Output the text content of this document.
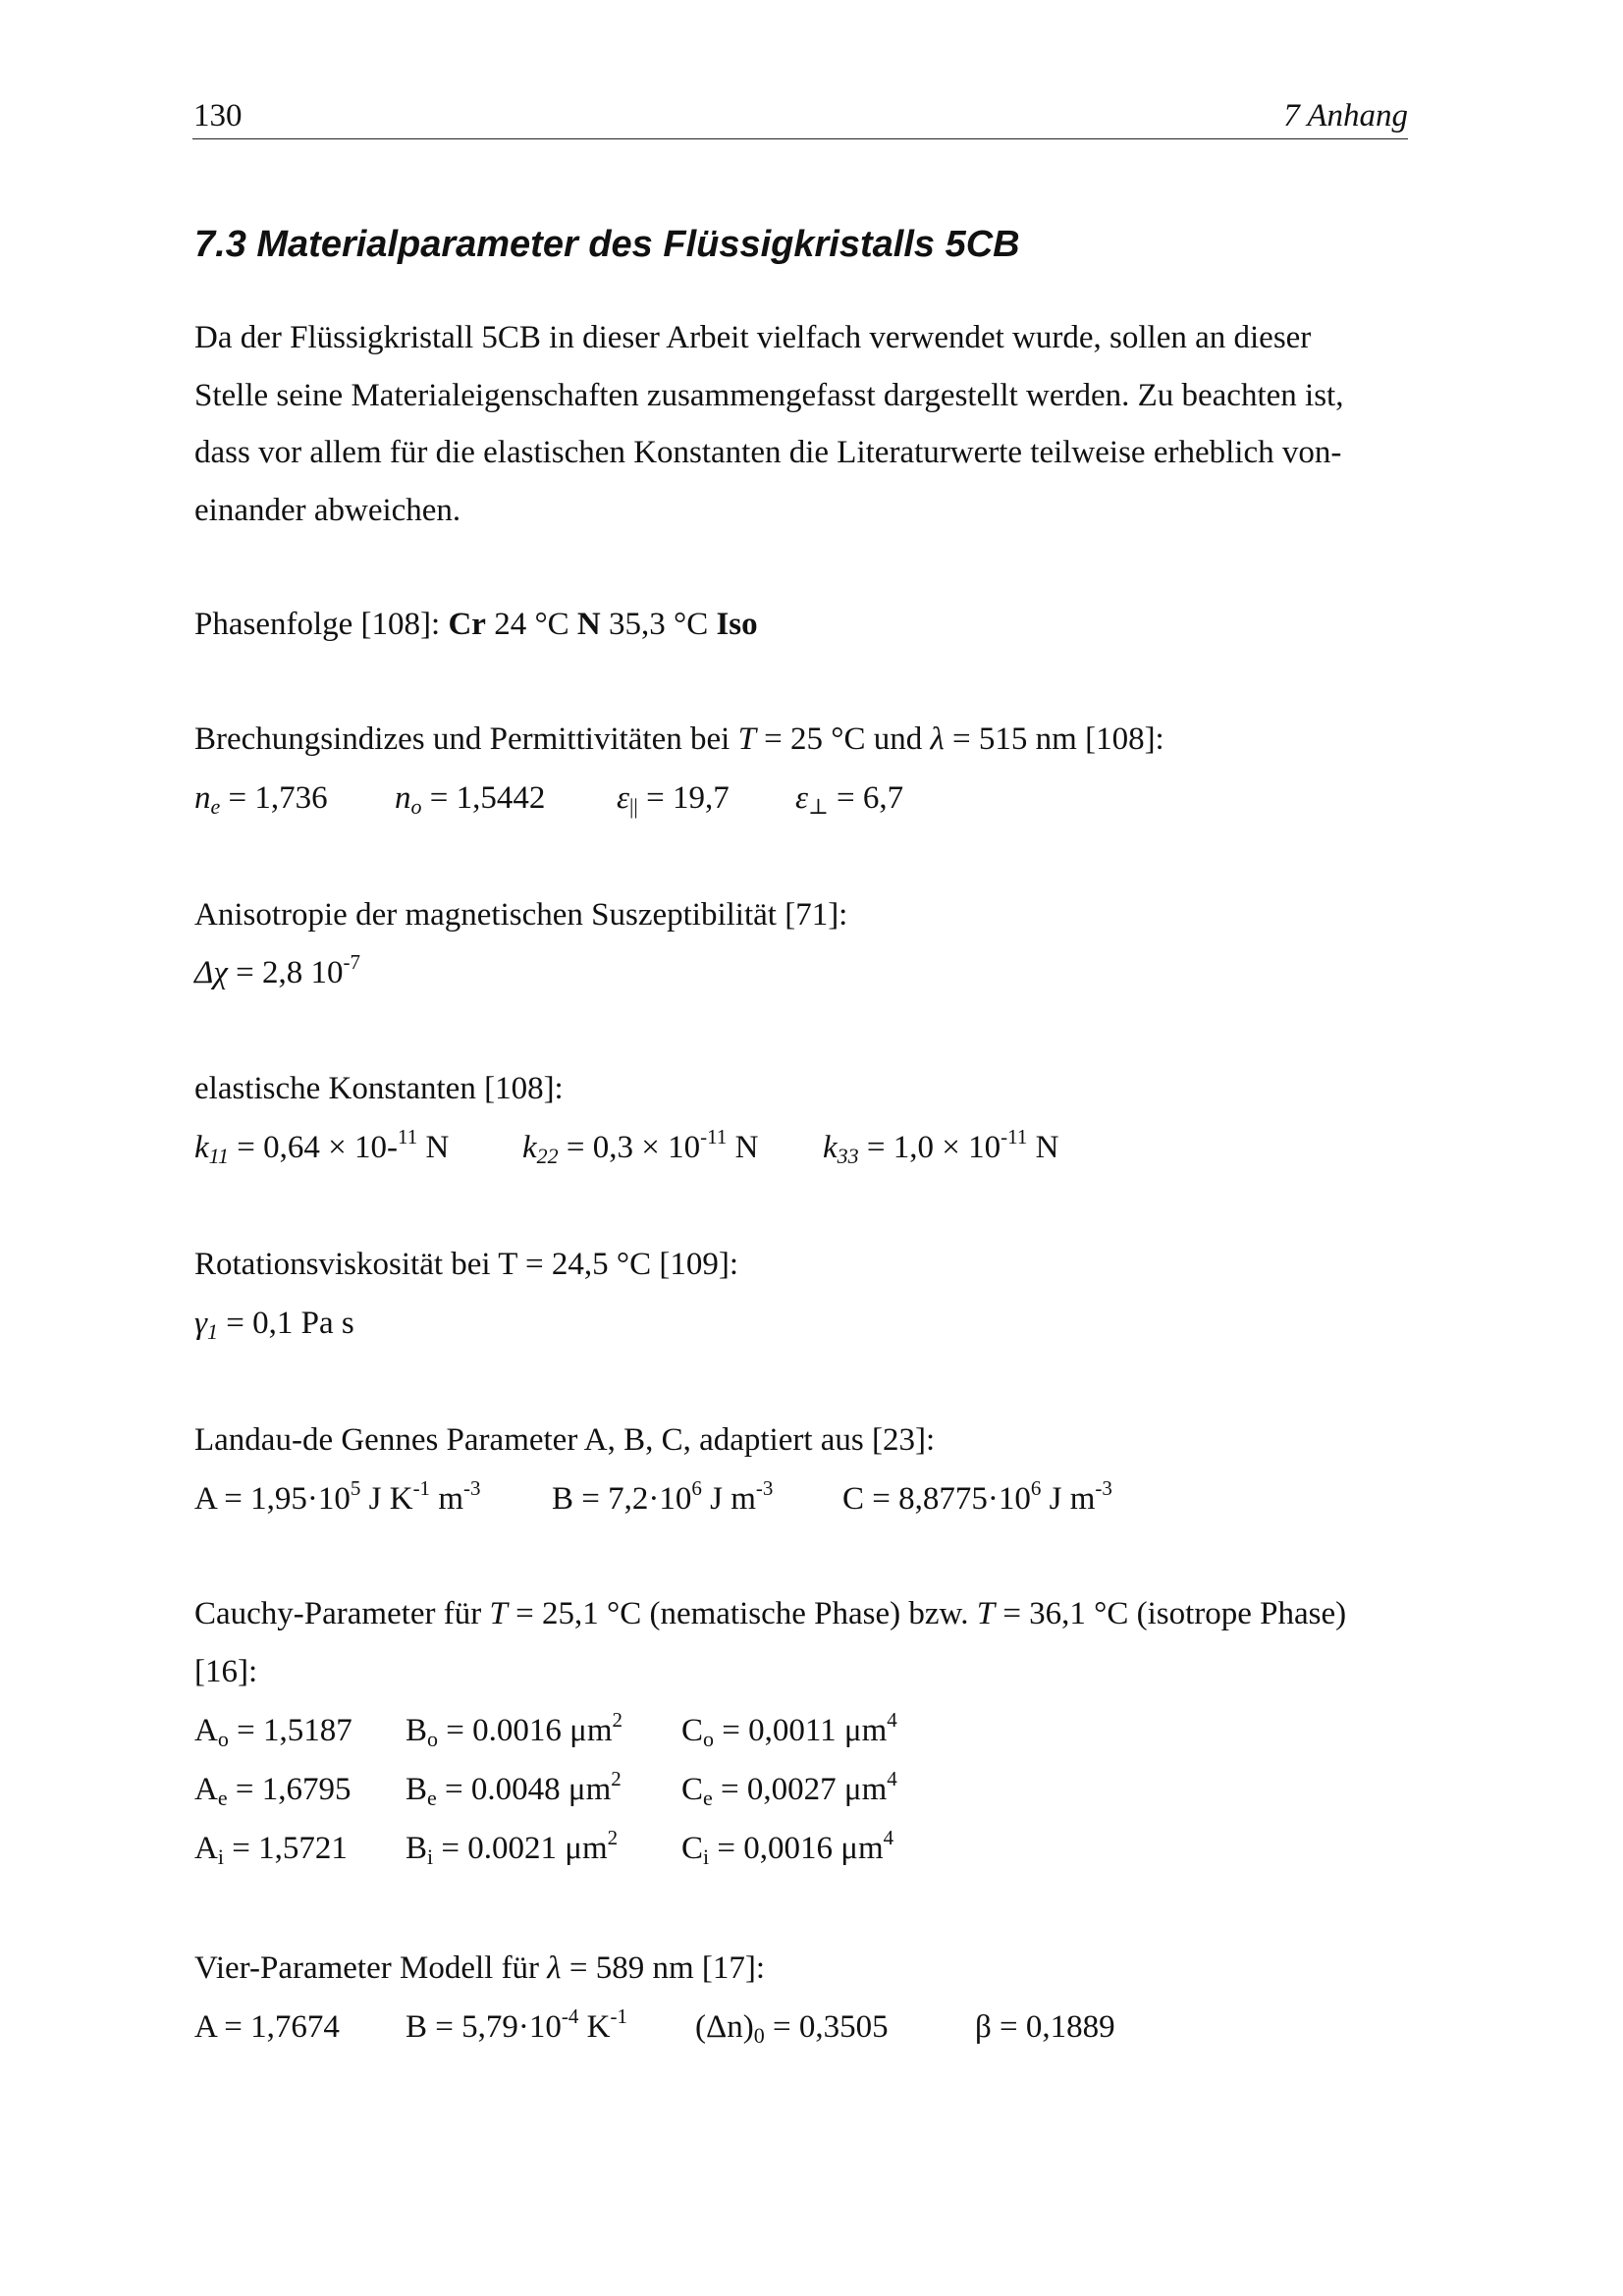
130	7 Anhang
7.3 Materialparameter des Flüssigkristalls 5CB
Da der Flüssigkristall 5CB in dieser Arbeit vielfach verwendet wurde, sollen an dieser
Stelle seine Materialeigenschaften zusammengefasst dargestellt werden. Zu beachten ist,
dass vor allem für die elastischen Konstanten die Literaturwerte teilweise erheblich von-
einander abweichen.
Phasenfolge [108]: Cr 24 °C N 35,3 °C Iso
Brechungsindizes und Permittivitäten bei T = 25 °C und λ = 515 nm [108]:
$n_e = 1,736$ $n_o = 1,5442$ $\varepsilon_{||} = 19,7$ $\varepsilon_\perp = 6,7$
Anisotropie der magnetischen Suszeptibilität [71]:
Δχ = 2,8 $10^{-7}$
elastische Konstanten [108]:
$k_{11} = 0,64 \times 10-^{11}$ N $k_{22} = 0,3 \times 10^{-11}$ N $k_{33} = 1,0 \times 10^{-11}$ N
Rotationsviskosität bei T = 24,5 °C [109]:
$\gamma_1 = 0,1$ Pa s
Landau-de Gennes Parameter A, B, C, adaptiert aus [23]:
$A = 1,95\cdot 10^5$ J $K^{-1}$ $m^{-3}$ $B = 7,2\cdot 10^6$ J $m^{-3}$ $C = 8,8775\cdot 10^6$ J $m^{-3}$
Cauchy-Parameter für T = 25,1 °C (nematische Phase) bzw. T = 36,1 °C (isotrope Phase)
[16]:
$A_o = 1,5187$ $B_o = 0.0016$ $\mu m^2$ $C_o = 0,0011$ $\mu m^4$
$A_e = 1,6795$ $B_e = 0.0048$ $\mu m^2$ $C_e = 0,0027$ $\mu m^4$
$A_i = 1,5721$ $B_i = 0.0021$ $\mu m^2$ $C_i = 0,0016$ $\mu m^4$
Vier-Parameter Modell für λ = 589 nm [17]:
A = 1,7674 $B = 5,79\cdot 10^{-4}$ $K^{-1}$ $(\Delta n)_0 = 0,3505$	β = 0,1889
